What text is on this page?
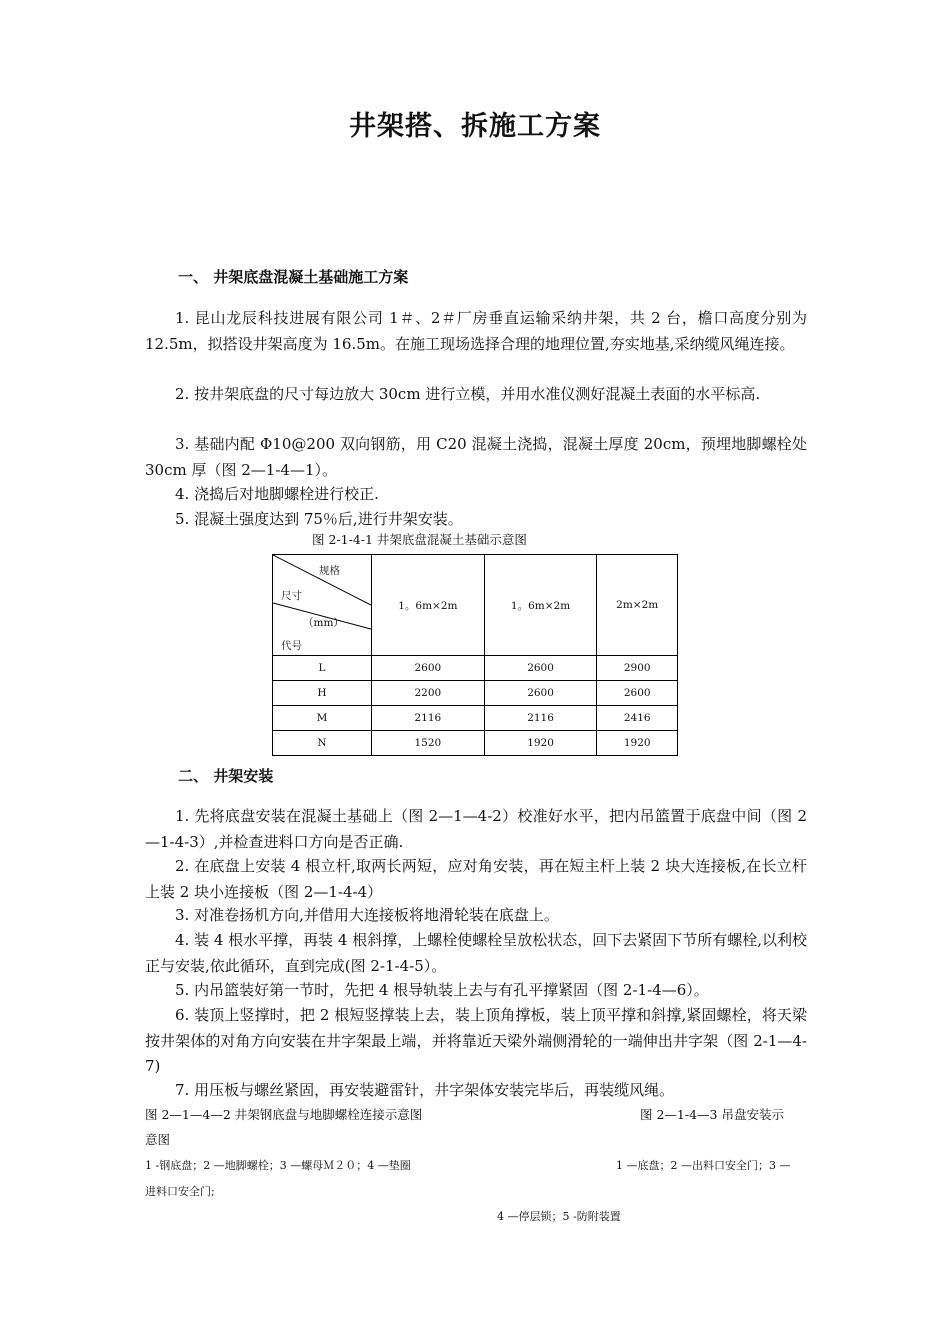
井架搭、拆施工方案
一、 井架底盘混凝土基础施工方案
1. 昆山龙辰科技进展有限公司 1＃、2＃厂房垂直运输采纳井架，共 2 台，檐口高度分别为 12.5m，拟搭设井架高度为 16.5m。在施工现场选择合理的地理位置,夯实地基,采纳缆风绳连接。
2. 按井架底盘的尺寸每边放大 30cm 进行立模，并用水准仪测好混凝土表面的水平标高.
3. 基础内配 Φ10@200 双向钢筋，用 C20 混凝土浇捣，混凝土厚度 20cm，预埋地脚螺栓处 30cm 厚（图 2—1-4—1）。
4. 浇捣后对地脚螺栓进行校正.
5. 混凝土强度达到 75％后,进行井架安装。
图 2-1-4-1 井架底盘混凝土基础示意图
规格
尺寸
（mm）
代号	1。6m×2m	1。6m×2m	2m×2m
L	2600	2600	2900
H	2200	2600	2600
M	2116	2116	2416
N	1520	1920	1920
二、 井架安装
1. 先将底盘安装在混凝土基础上（图 2—1—4-2）校准好水平，把内吊篮置于底盘中间（图 2—1-4-3）,并检查进料口方向是否正确.
2. 在底盘上安装 4 根立杆,取两长两短，应对角安装，再在短主杆上装 2 块大连接板,在长立杆上装 2 块小连接板（图 2—1-4-4）
3. 对准卷扬机方向,并借用大连接板将地滑轮装在底盘上。
4. 装 4 根水平撑，再装 4 根斜撑，上螺栓使螺栓呈放松状态，回下去紧固下节所有螺栓,以利校正与安装,依此循环，直到完成(图 2-1-4-5）。
5. 内吊篮装好第一节时，先把 4 根导轨装上去与有孔平撑紧固（图 2-1-4—6）。
6. 装顶上竖撑时，把 2 根短竖撑装上去，装上顶角撑板，装上顶平撑和斜撑,紧固螺栓，将天梁按井架体的对角方向安装在井字架最上端，并将靠近天梁外端侧滑轮的一端伸出井字架（图 2-1—4-7)
7. 用压板与螺丝紧固，再安装避雷针，井字架体安装完毕后，再装缆风绳。
图 2—1—4—2 井架钢底盘与地脚螺栓连接示意图	图 2—1-4—3 吊盘安装示
意图
1 -钢底盘；2 —地脚螺栓；3 —螺母Ｍ２０；4 —垫圈	1 —底盘；2 —出料口安全门；3 —
进料口安全门;
4 —停层锁；5 -防附装置
